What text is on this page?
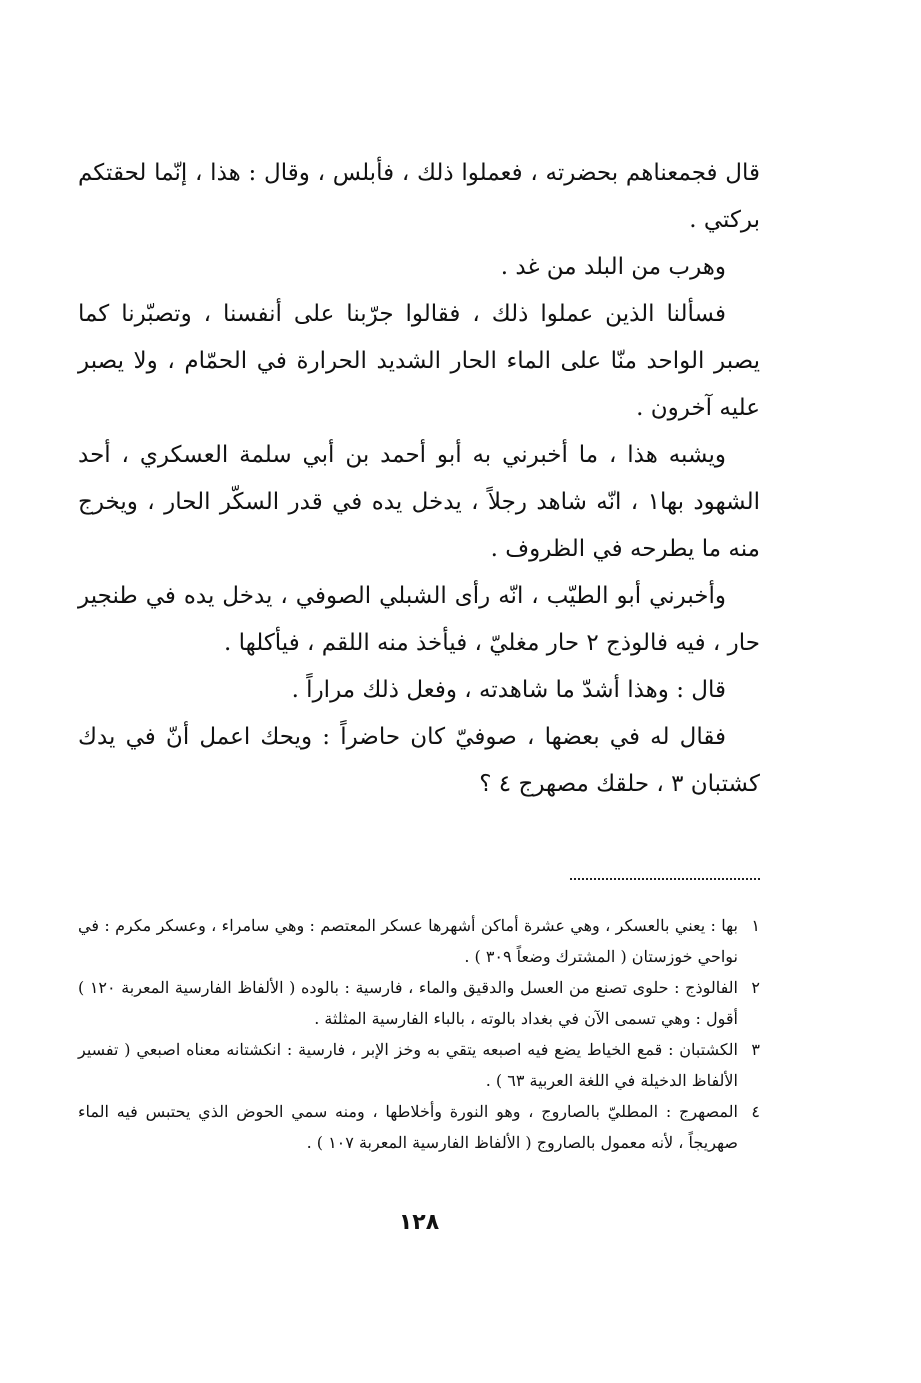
قال فجمعناهم بحضرته ، فعملوا ذلك ، فأبلس ، وقال : هذا ، إنّما لحقتكم بركتي .

وهرب من البلد من غد .

فسألنا الذين عملوا ذلك ، فقالوا جرّبنا على أنفسنا ، وتصبّرنا كما يصبر الواحد منّا على الماء الحار الشديد الحرارة في الحمّام ، ولا يصبر عليه آخرون .

ويشبه هذا ، ما أخبرني به أبو أحمد بن أبي سلمة العسكري ، أحد الشهود بها١ ، انّه شاهد رجلاً ، يدخل يده في قدر السكّر الحار ، ويخرج منه ما يطرحه في الظروف .

وأخبرني أبو الطيّب ، انّه رأى الشبلي الصوفي ، يدخل يده في طنجير حار ، فيه فالوذج ٢ حار مغليّ ، فيأخذ منه اللقم ، فيأكلها .

قال : وهذا أشدّ ما شاهدته ، وفعل ذلك مراراً .

فقال له في بعضها ، صوفيّ كان حاضراً : ويحك اعمل أنّ في يدك كشتبان ٣ ، حلقك مصهرج ٤ ؟

١
بها : يعني بالعسكر ، وهي عشرة أماكن أشهرها عسكر المعتصم : وهي سامراء ، وعسكر مكرم : في نواحي خوزستان ( المشترك وضعاً ٣٠٩ ) .
٢
الفالوذج : حلوى تصنع من العسل والدقيق والماء ، فارسية : بالوده ( الألفاظ الفارسية المعربة ١٢٠ ) أقول : وهي تسمى الآن في بغداد بالوته ، بالباء الفارسية المثلثة .
٣
الكشتبان : قمع الخياط يضع فيه اصبعه يتقي به وخز الإبر ، فارسية : انكشتانه معناه اصبعي ( تفسير الألفاظ الدخيلة في اللغة العربية ٦٣ ) .
٤
المصهرج : المطليّ بالصاروج ، وهو النورة وأخلاطها ، ومنه سمي الحوض الذي يحتبس فيه الماء صهريجاً ، لأنه معمول بالصاروج ( الألفاظ الفارسية المعربة ١٠٧ ) .
١٢٨
